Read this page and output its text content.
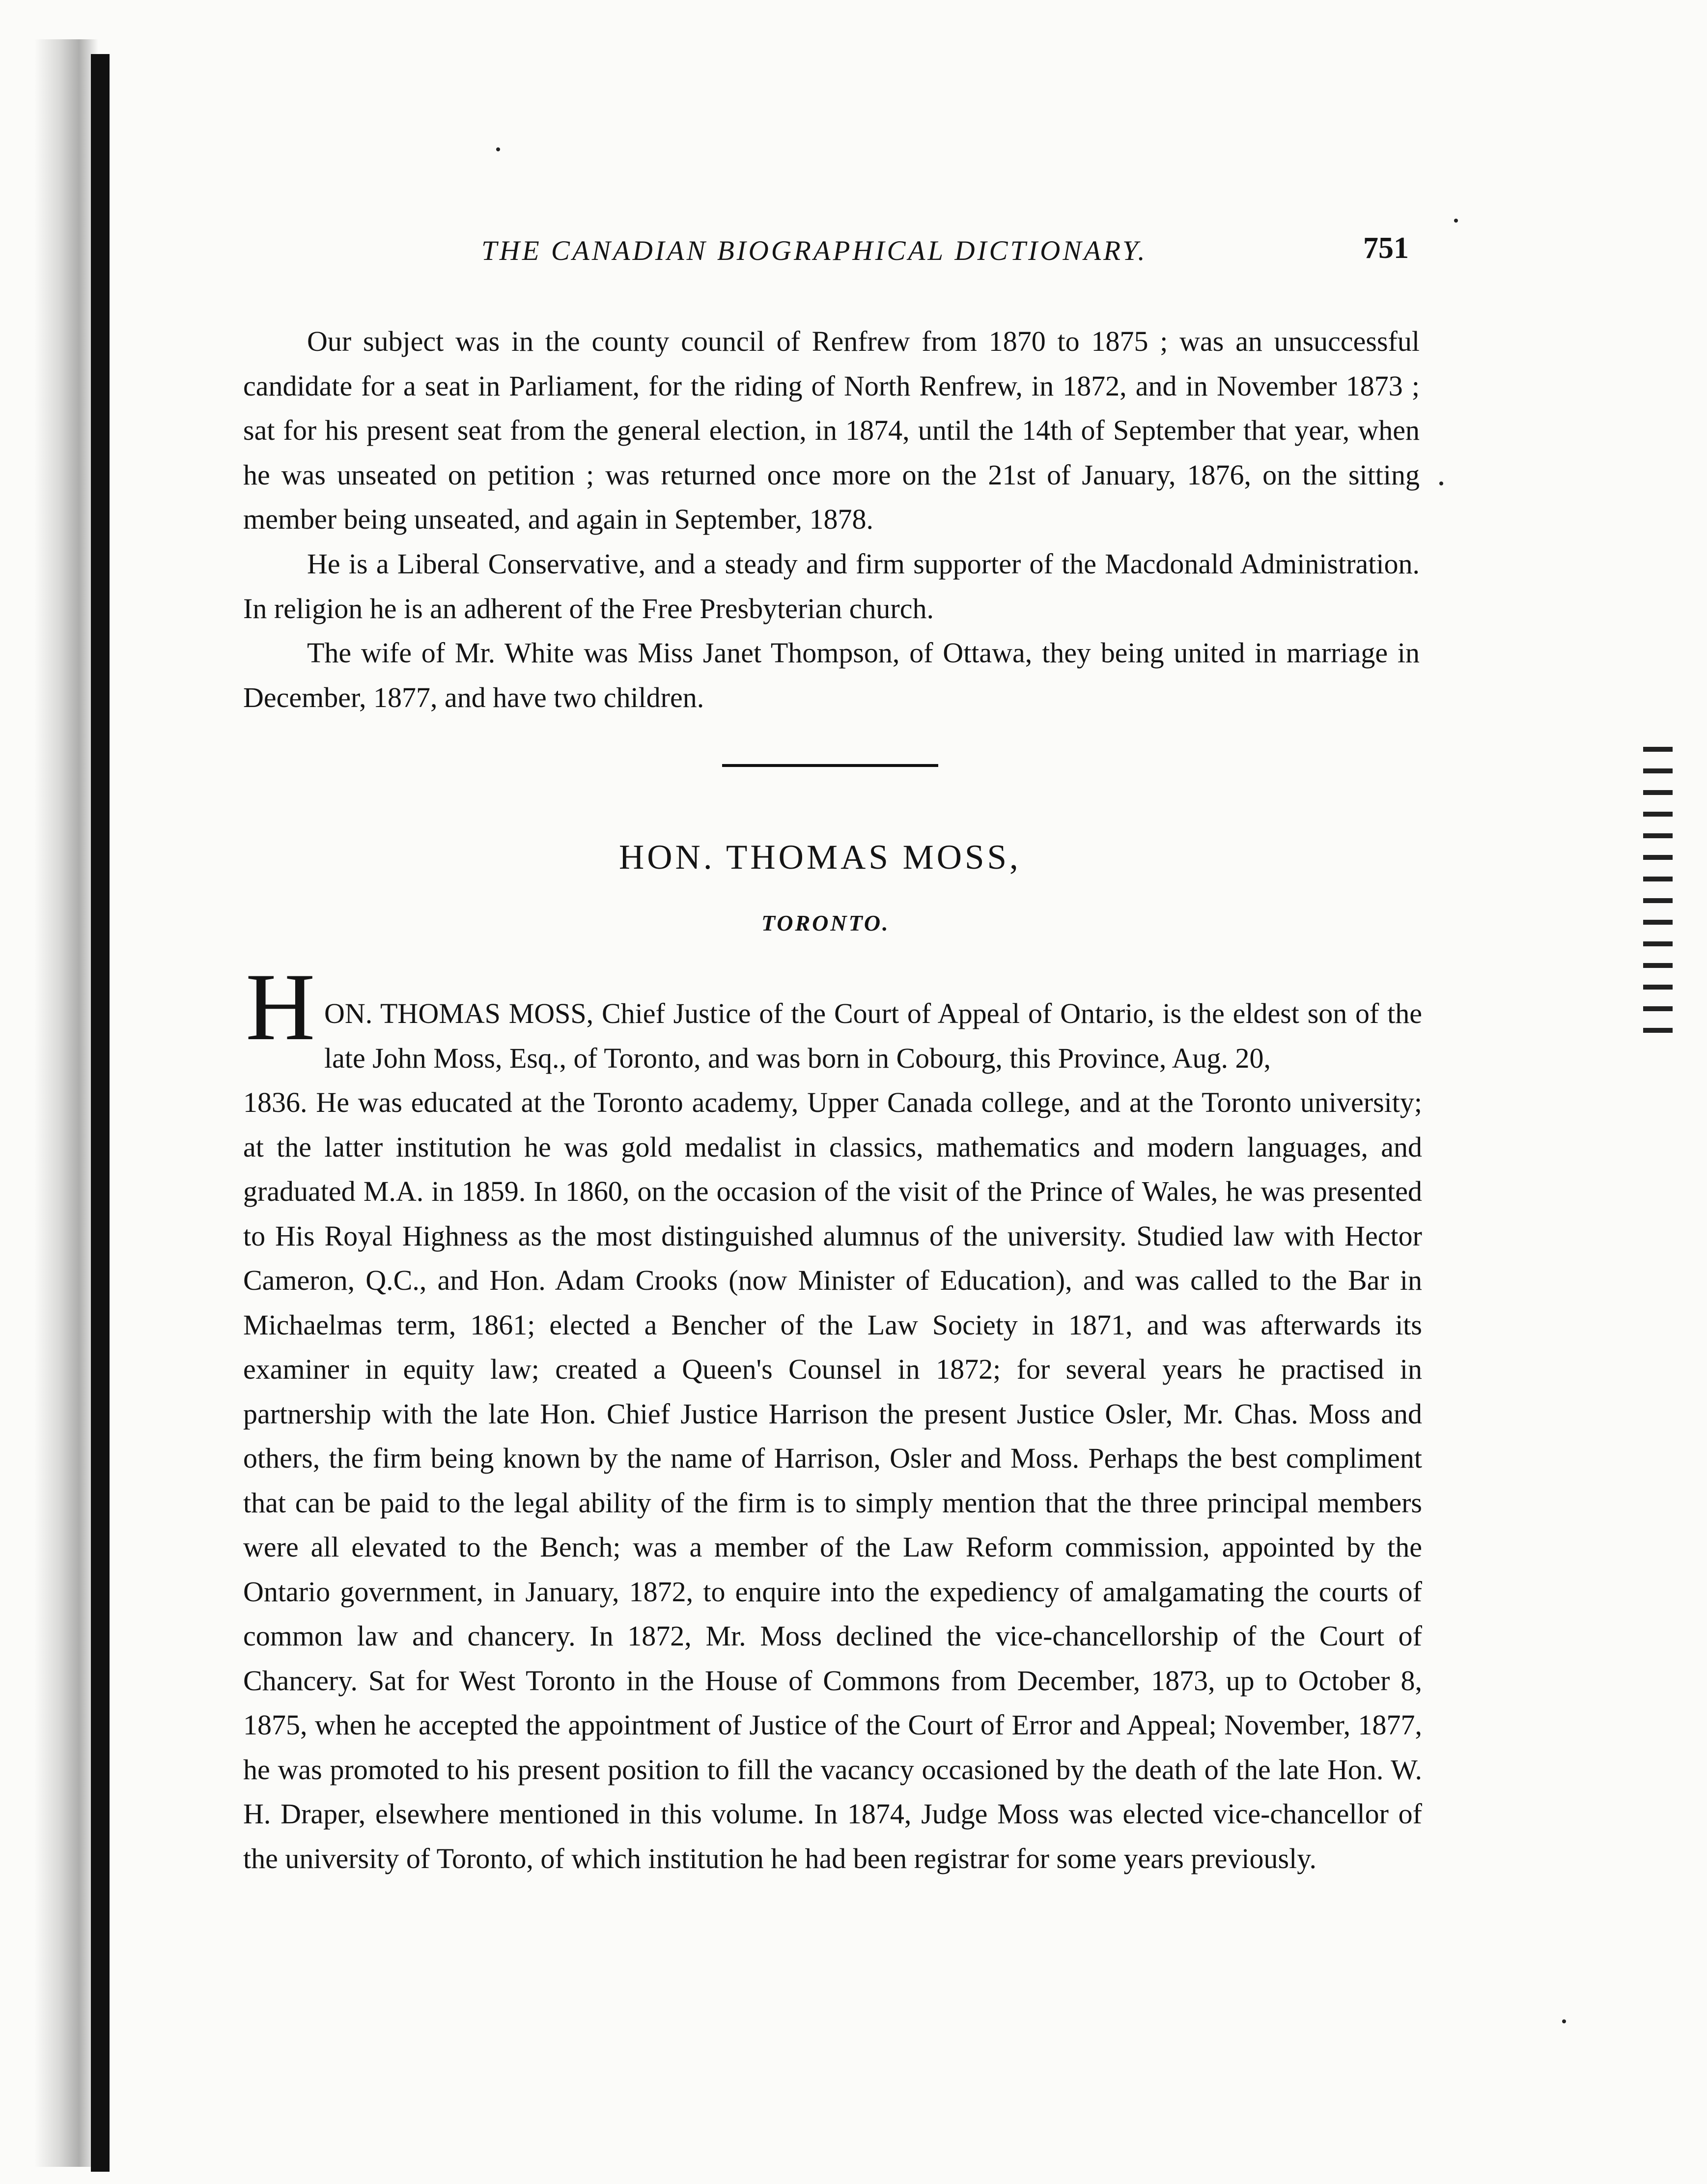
THE CANADIAN BIOGRAPHICAL DICTIONARY.	751

Our subject was in the county council of Renfrew from 1870 to 1875 ; was an unsuccessful candidate for a seat in Parliament, for the riding of North Renfrew, in 1872, and in November 1873 ; sat for his present seat from the general election, in 1874, until the 14th of September that year, when he was unseated on petition ; was returned once more on the 21st of January, 1876, on the sitting member being unseated, and again in September, 1878.

He is a Liberal Conservative, and a steady and firm supporter of the Macdonald Administration. In religion he is an adherent of the Free Presbyterian church.

The wife of Mr. White was Miss Janet Thompson, of Ottawa, they being united in marriage in December, 1877, and have two children.

HON. THOMAS MOSS,
TORONTO.
H ON. THOMAS MOSS, Chief Justice of the Court of Appeal of Ontario, is the eldest son of the late John Moss, Esq., of Toronto, and was born in Cobourg, this Province, Aug. 20,

1836. He was educated at the Toronto academy, Upper Canada college, and at the Toronto university; at the latter institution he was gold medalist in classics, mathematics and modern languages, and graduated M.A. in 1859. In 1860, on the occasion of the visit of the Prince of Wales, he was presented to His Royal Highness as the most distinguished alumnus of the university. Studied law with Hector Cameron, Q.C., and Hon. Adam Crooks (now Minister of Education), and was called to the Bar in Michaelmas term, 1861; elected a Bencher of the Law Society in 1871, and was afterwards its examiner in equity law; created a Queen's Counsel in 1872; for several years he practised in partnership with the late Hon. Chief Justice Harrison the present Justice Osler, Mr. Chas. Moss and others, the firm being known by the name of Harrison, Osler and Moss. Perhaps the best compliment that can be paid to the legal ability of the firm is to simply mention that the three principal members were all elevated to the Bench; was a member of the Law Reform commission, appointed by the Ontario government, in January, 1872, to enquire into the expediency of amalgamating the courts of common law and chancery. In 1872, Mr. Moss declined the vice-chancellorship of the Court of Chancery. Sat for West Toronto in the House of Commons from December, 1873, up to October 8, 1875, when he accepted the appointment of Justice of the Court of Error and Appeal; November, 1877, he was promoted to his present position to fill the vacancy occasioned by the death of the late Hon. W. H. Draper, elsewhere mentioned in this volume. In 1874, Judge Moss was elected vice-chancellor of the university of Toronto, of which institution he had been registrar for some years previously.
